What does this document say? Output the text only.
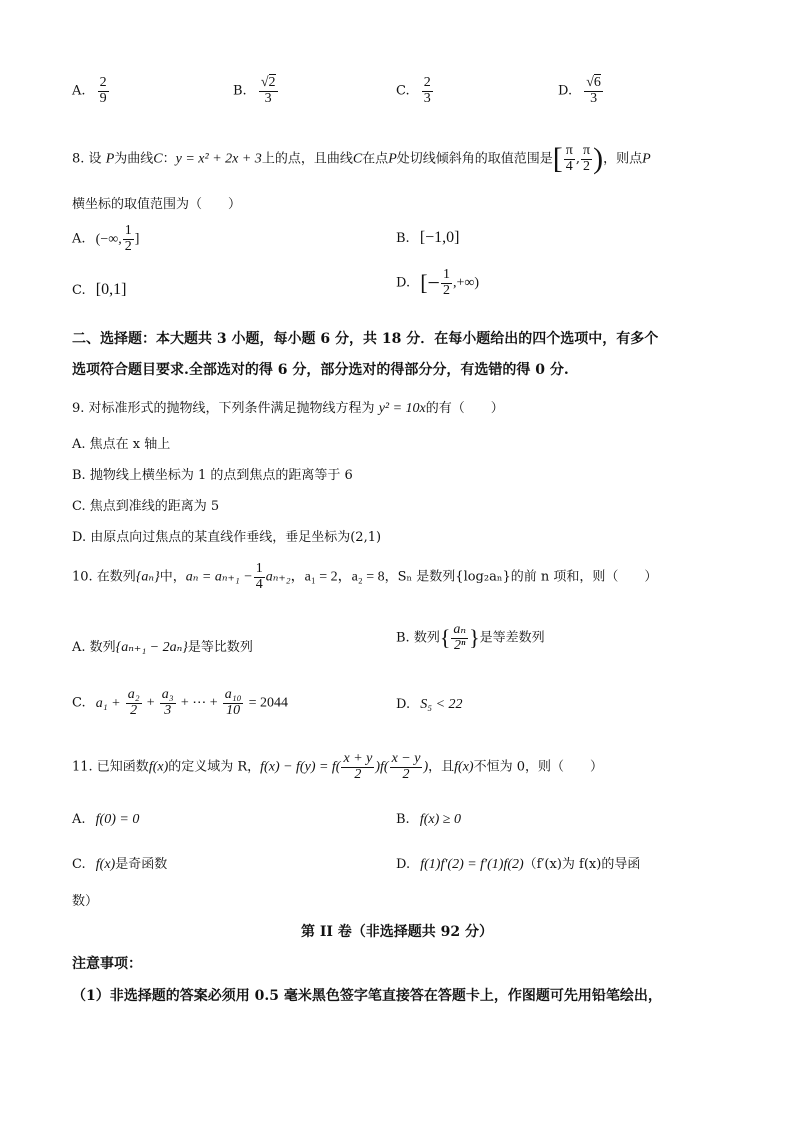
A. $\frac{2}{9}$	B. $\frac{√2}{3}$	C. $\frac{2}{3}$	D. $\frac{√6}{3}$
8. 设 P为曲线C：y = x² + 2x + 3上的点，且曲线C在点P处切线倾斜角的取值范围是[ $\frac{\pi}{4}$ , $\frac{\pi}{2}$ )，则点P
横坐标的取值范围为（　　）
A. (−∞, $\frac{1}{2}$ ]	B. [−1,0]
C. [0,1]	D. [− $\frac{1}{2}$ ,+∞)
二、选择题：本大题共 3 小题，每小题 6 分，共 18 分．在每小题给出的四个选项中，有多个
选项符合题目要求.全部选对的得 6 分，部分选对的得部分分，有选错的得 0 分.
9. 对标准形式的抛物线，下列条件满足抛物线方程为 y² = 10x的有（　　）
A. 焦点在 x 轴上
B. 抛物线上横坐标为 1 的点到焦点的距离等于 6
C. 焦点到准线的距离为 5
D. 由原点向过焦点的某直线作垂线，垂足坐标为(2,1)
10. 在数列{aₙ}中，$a_n = a_{n+1} - \frac{1}{4} a_{n+2}$，a₁ = 2，a₂ = 8，Sₙ 是数列{log₂aₙ}的前 n 项和，则（　　）
A. 数列{aₙ₊₁ − 2aₙ}是等比数列
B. 数列{ $\frac{\text{aₙ}}{\text{2ⁿ}}$ }是等差数列
C. $a_1 + \frac{\text{a₂}}{2} + \frac{\text{a₃}}{3}$ + ⋯ + $\frac{\text{a₁₀}}{10} = 2044$	D. S₅ < 22
11. 已知函数f(x)的定义域为 R，$f(x) - f(y) = f( \frac{x + y}{2} )f( \frac{x - y}{2}$ )，且f(x)不恒为 0，则（　　）
A. f(0) = 0	B. f(x) ≥ 0
C. f(x)是奇函数	D. f(1)f′(2) = f′(1)f(2)（f′(x)为 f(x)的导函
数）
第 II 卷（非选择题共 92 分）
注意事项：
（1）非选择题的答案必须用 0.5 毫米黑色签字笔直接答在答题卡上，作图题可先用铅笔绘出，
